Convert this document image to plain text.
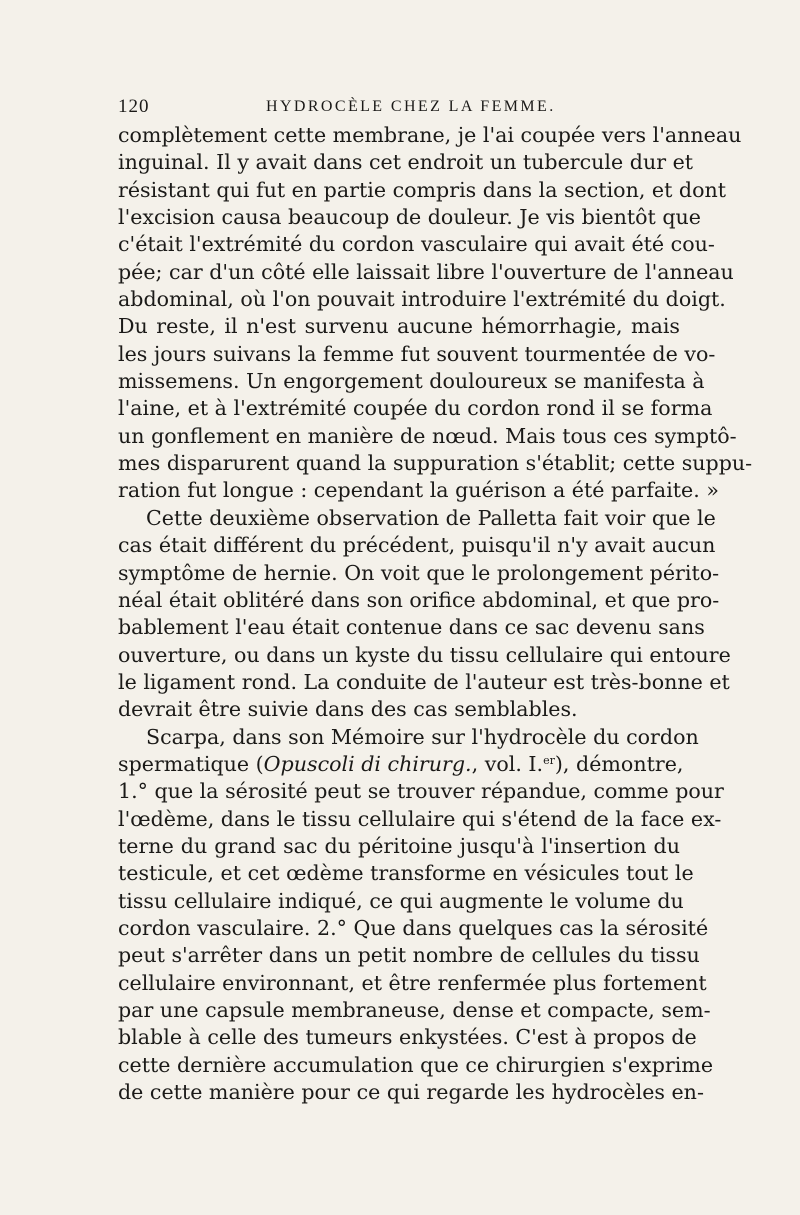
120	HYDROCÈLE CHEZ LA FEMME.
complètement cette membrane, je l'ai coupée vers l'anneau
inguinal. Il y avait dans cet endroit un tubercule dur et
résistant qui fut en partie compris dans la section, et dont
l'excision causa beaucoup de douleur. Je vis bientôt que
c'était l'extrémité du cordon vasculaire qui avait été cou-
pée; car d'un côté elle laissait libre l'ouverture de l'anneau
abdominal, où l'on pouvait introduire l'extrémité du doigt.
Du reste, il n'est survenu aucune hémorrhagie, mais
les jours suivans la femme fut souvent tourmentée de vo-
missemens. Un engorgement douloureux se manifesta à
l'aine, et à l'extrémité coupée du cordon rond il se forma
un gonflement en manière de nœud. Mais tous ces symptô-
mes disparurent quand la suppuration s'établit; cette suppu-
ration fut longue : cependant la guérison a été parfaite. »
Cette deuxième observation de Palletta fait voir que le
cas était différent du précédent, puisqu'il n'y avait aucun
symptôme de hernie. On voit que le prolongement périto-
néal était oblitéré dans son orifice abdominal, et que pro-
bablement l'eau était contenue dans ce sac devenu sans
ouverture, ou dans un kyste du tissu cellulaire qui entoure
le ligament rond. La conduite de l'auteur est très-bonne et
devrait être suivie dans des cas semblables.
Scarpa, dans son Mémoire sur l'hydrocèle du cordon
spermatique (Opuscoli di chirurg., vol. I.$^{er}$), démontre,
1.° que la sérosité peut se trouver répandue, comme pour
l'œdème, dans le tissu cellulaire qui s'étend de la face ex-
terne du grand sac du péritoine jusqu'à l'insertion du
testicule, et cet œdème transforme en vésicules tout le
tissu cellulaire indiqué, ce qui augmente le volume du
cordon vasculaire. 2.° Que dans quelques cas la sérosité
peut s'arrêter dans un petit nombre de cellules du tissu
cellulaire environnant, et être renfermée plus fortement
par une capsule membraneuse, dense et compacte, sem-
blable à celle des tumeurs enkystées. C'est à propos de
cette dernière accumulation que ce chirurgien s'exprime
de cette manière pour ce qui regarde les hydrocèles en-
